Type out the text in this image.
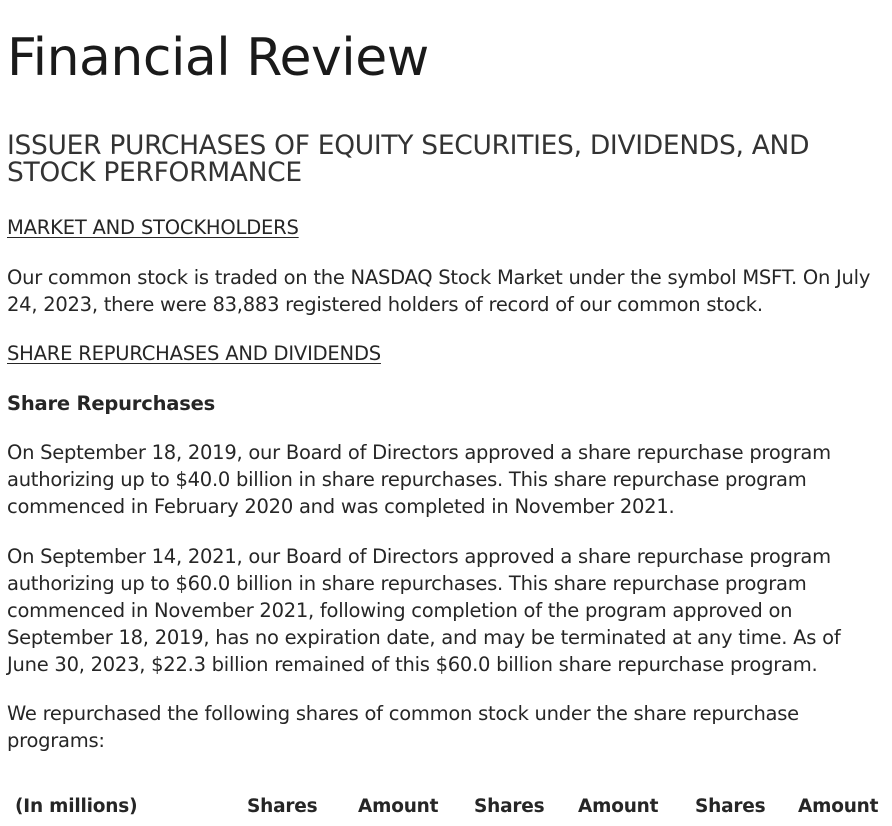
Financial Review
ISSUER PURCHASES OF EQUITY SECURITIES, DIVIDENDS, AND STOCK PERFORMANCE

MARKET AND STOCKHOLDERS

Our common stock is traded on the NASDAQ Stock Market under the symbol MSFT. On July 24, 2023, there were 83,883 registered holders of record of our common stock.

SHARE REPURCHASES AND DIVIDENDS

Share Repurchases

On September 18, 2019, our Board of Directors approved a share repurchase program authorizing up to $40.0 billion in share repurchases. This share repurchase program commenced in February 2020 and was completed in November 2021.

On September 14, 2021, our Board of Directors approved a share repurchase program authorizing up to $60.0 billion in share repurchases. This share repurchase program commenced in November 2021, following completion of the program approved on September 18, 2019, has no expiration date, and may be terminated at any time. As of June 30, 2023, $22.3 billion remained of this $60.0 billion share repurchase program.

We repurchased the following shares of common stock under the share repurchase programs:

(In millions)	Shares Amount Shares Amount Shares Amount
